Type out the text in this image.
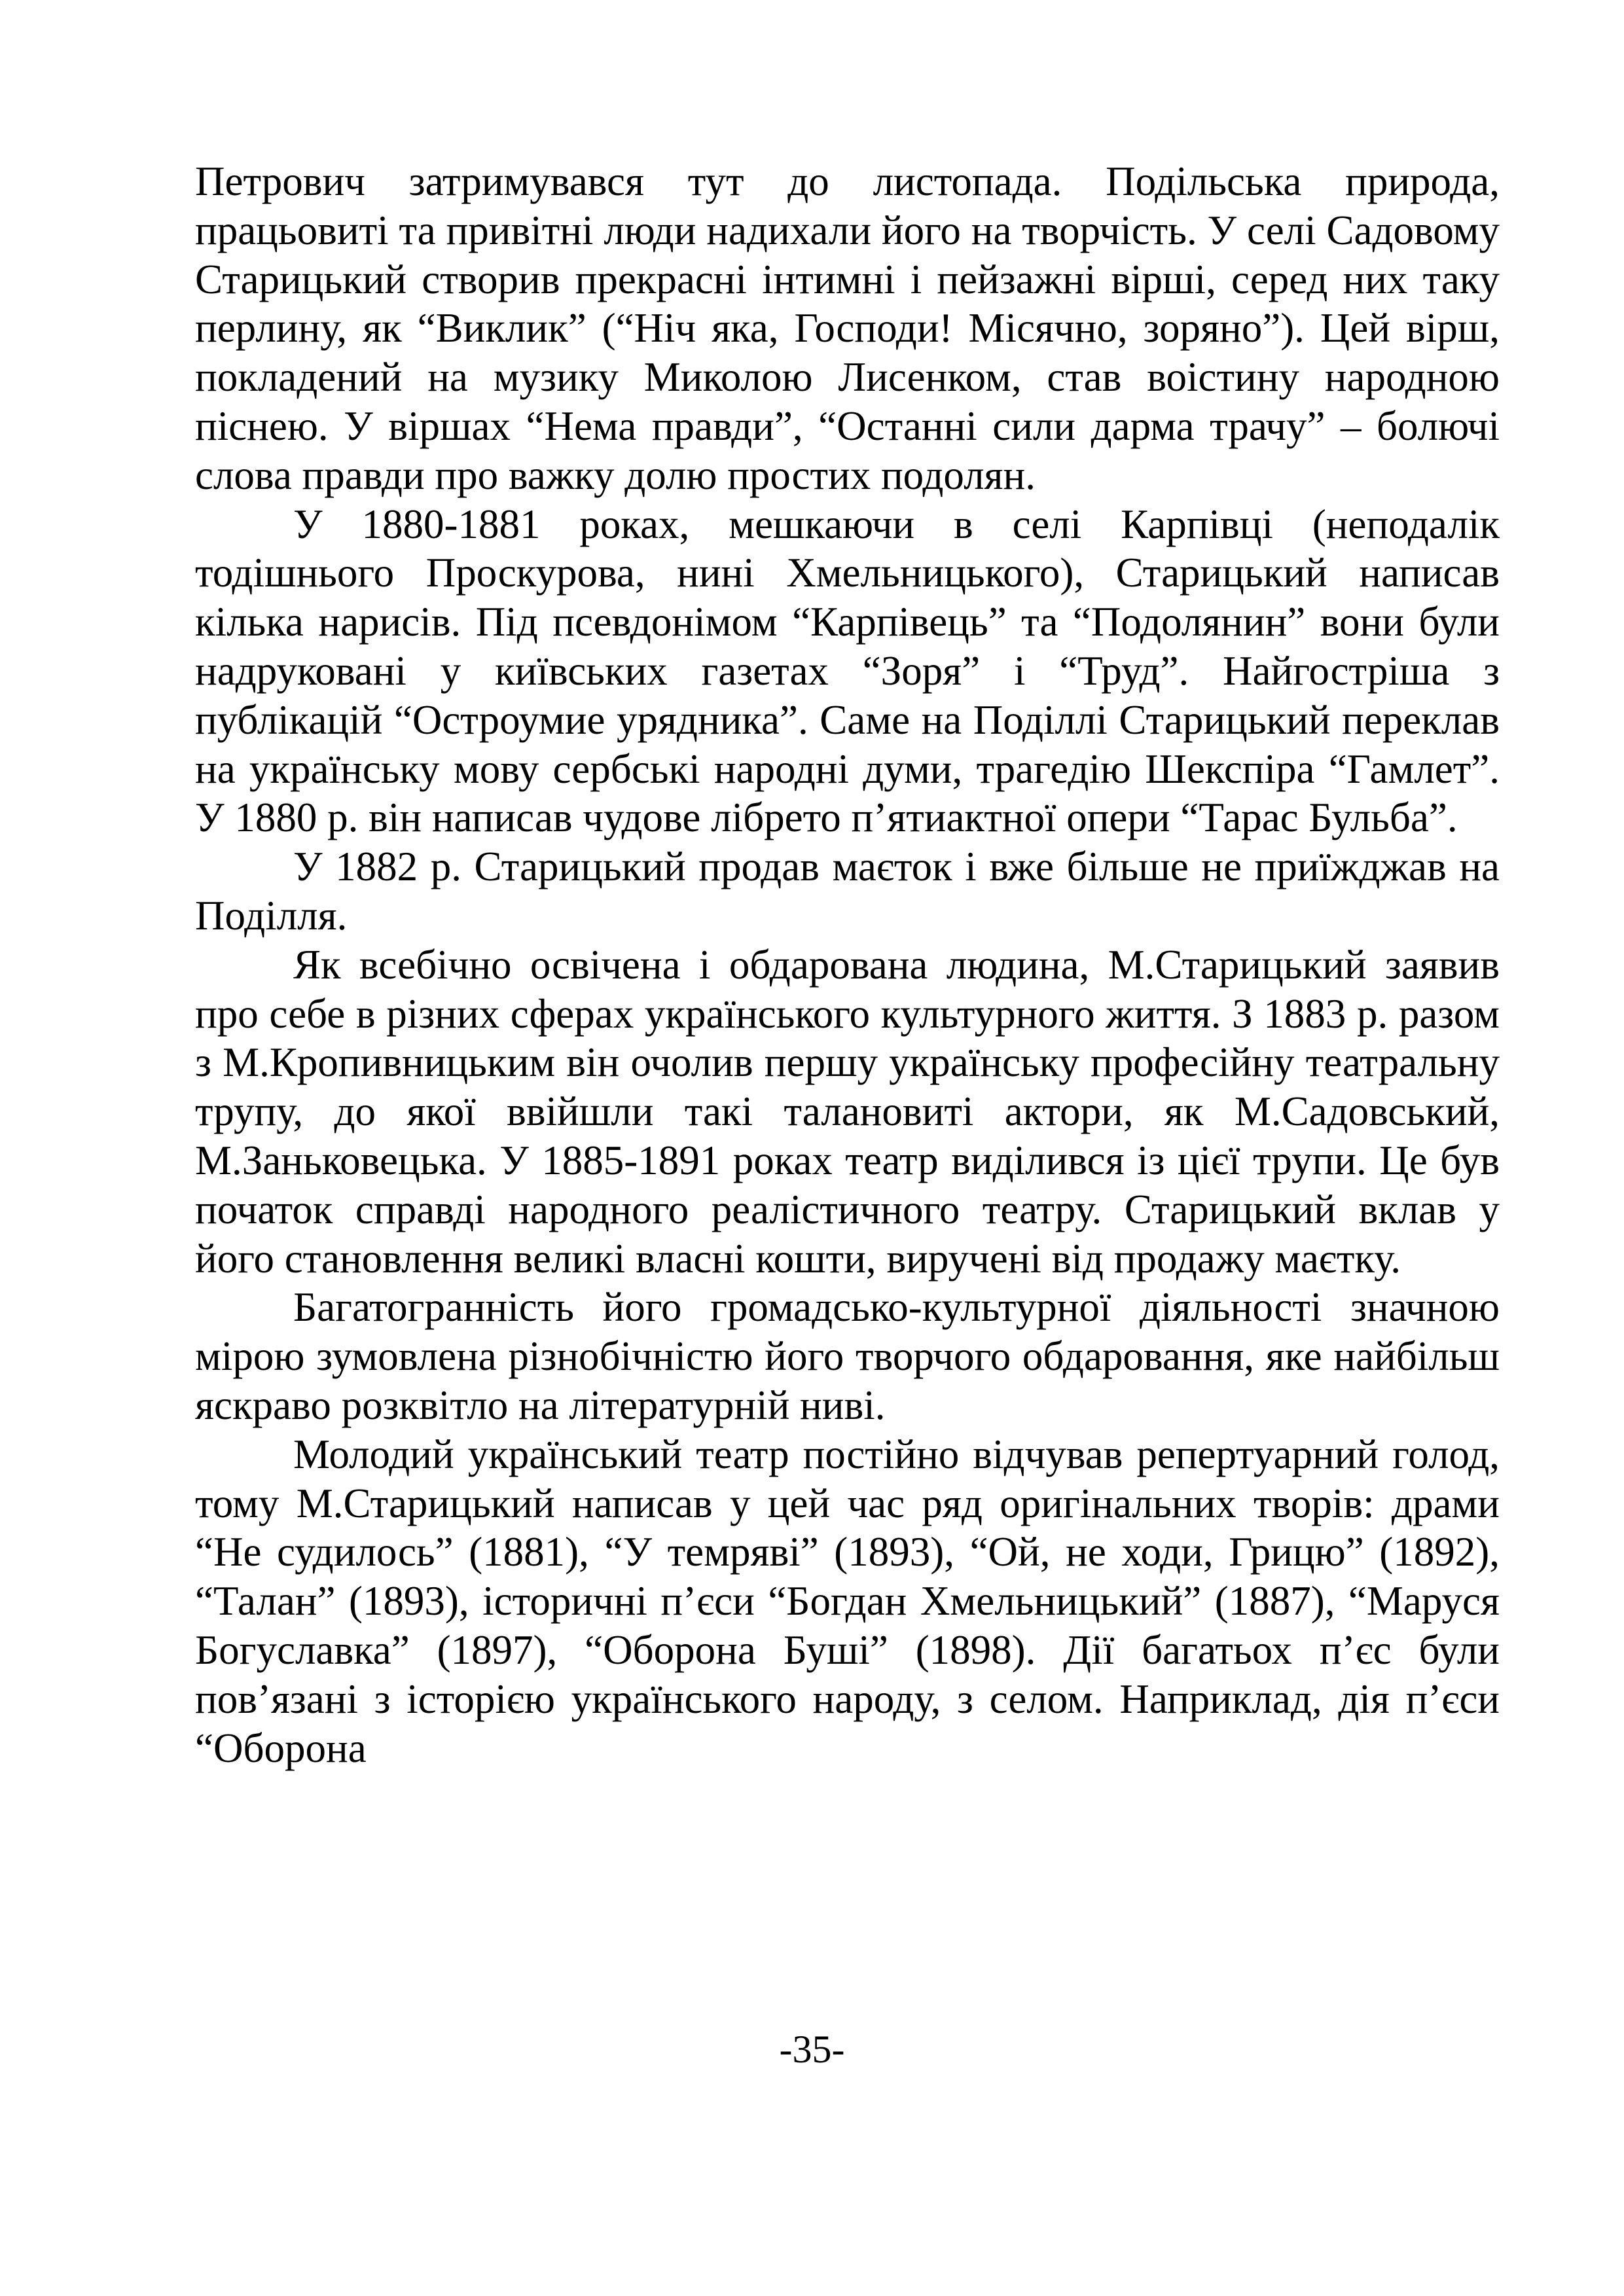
Петрович затримувався тут до листопада. Подільська природа, працьовиті та привітні люди надихали його на творчість. У селі Садовому Старицький створив прекрасні інтимні і пейзажні вірші, серед них таку перлину, як “Виклик” (“Ніч яка, Господи! Місячно, зоряно”). Цей вірш, покладений на музику Миколою Лисенком, став воістину народною піснею. У віршах “Нема правди”, “Останні сили дарма трачу” – болючі слова правди про важку долю простих подолян.

У 1880-1881 роках, мешкаючи в селі Карпівці (неподалік тодішнього Проскурова, нині Хмельницького), Старицький написав кілька нарисів. Під псевдонімом “Карпівець” та “Подолянин” вони були надруковані у київських газетах “Зоря” і “Труд”. Найгостріша з публікацій “Остроумие урядника”. Саме на Поділлі Старицький переклав на українську мову сербські народні думи, трагедію Шекспіра “Гамлет”. У 1880 р. він написав чудове лібрето п’ятиактної опери “Тарас Бульба”.

У 1882 р. Старицький продав маєток і вже більше не приїжджав на Поділля.

Як всебічно освічена і обдарована людина, М.Старицький заявив про себе в різних сферах українського культурного життя. З 1883 р. разом з М.Кропивницьким він очолив першу українську професійну театральну трупу, до якої ввійшли такі талановиті актори, як М.Садовський, М.Заньковецька. У 1885-1891 роках театр виділився із цієї трупи. Це був початок справді народного реалістичного театру. Старицький вклав у його становлення великі власні кошти, виручені від продажу маєтку.

Багатогранність його громадсько-культурної діяльності значною мірою зумовлена різнобічністю його творчого обдаровання, яке найбільш яскраво розквітло на літературній ниві.

Молодий український театр постійно відчував репертуарний голод, тому М.Старицький написав у цей час ряд оригінальних творів: драми “Не судилось” (1881), “У темряві” (1893), “Ой, не ходи, Грицю” (1892), “Талан” (1893), історичні п’єси “Богдан Хмельницький” (1887), “Маруся Богуславка” (1897), “Оборона Буші” (1898). Дії багатьох п’єс були пов’язані з історією українського народу, з селом. Наприклад, дія п’єси “Оборона

-35-
